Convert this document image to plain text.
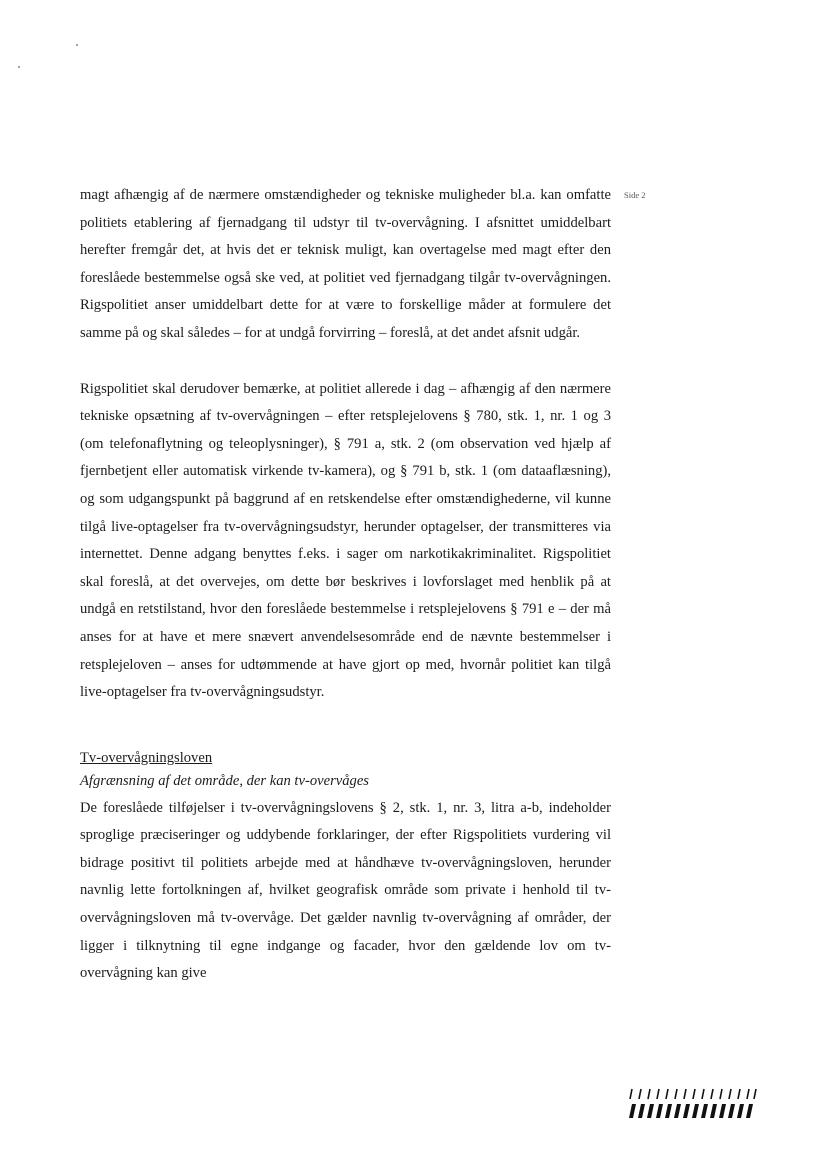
Side 2

magt afhængig af de nærmere omstændigheder og tekniske muligheder bl.a. kan omfatte politiets etablering af fjernadgang til udstyr til tv-overvågning. I afsnittet umiddelbart herefter fremgår det, at hvis det er teknisk muligt, kan overtagelse med magt efter den foreslåede bestemmelse også ske ved, at politiet ved fjernadgang tilgår tv-overvågningen. Rigspolitiet anser umiddelbart dette for at være to forskellige måder at formulere det samme på og skal således – for at undgå forvirring – foreslå, at det andet afsnit udgår.

Rigspolitiet skal derudover bemærke, at politiet allerede i dag – afhængig af den nærmere tekniske opsætning af tv-overvågningen – efter retsplejelovens § 780, stk. 1, nr. 1 og 3 (om telefonaflytning og teleoplysninger), § 791 a, stk. 2 (om observation ved hjælp af fjernbetjent eller automatisk virkende tv-kamera), og § 791 b, stk. 1 (om dataaflæsning), og som udgangspunkt på baggrund af en retskendelse efter omstændighederne, vil kunne tilgå live-optagelser fra tv-overvågningsudstyr, herunder optagelser, der transmitteres via internettet. Denne adgang benyttes f.eks. i sager om narkotikakriminalitet. Rigspolitiet skal foreslå, at det overvejes, om dette bør beskrives i lovforslaget med henblik på at undgå en retstilstand, hvor den foreslåede bestemmelse i retsplejelovens § 791 e – der må anses for at have et mere snævert anvendelsesområde end de nævnte bestemmelser i retsplejeloven – anses for udtømmende at have gjort op med, hvornår politiet kan tilgå live-optagelser fra tv-overvågningsudstyr.

Tv-overvågningsloven
Afgrænsning af det område, der kan tv-overvåges

De foreslåede tilføjelser i tv-overvågningslovens § 2, stk. 1, nr. 3, litra a-b, indeholder sproglige præciseringer og uddybende forklaringer, der efter Rigspolitiets vurdering vil bidrage positivt til politiets arbejde med at håndhæve tv-overvågningsloven, herunder navnlig lette fortolkningen af, hvilket geografisk område som private i henhold til tv-overvågningsloven må tv-overvåge. Det gælder navnlig tv-overvågning af områder, der ligger i tilknytning til egne indgange og facader, hvor den gældende lov om tv-overvågning kan give
